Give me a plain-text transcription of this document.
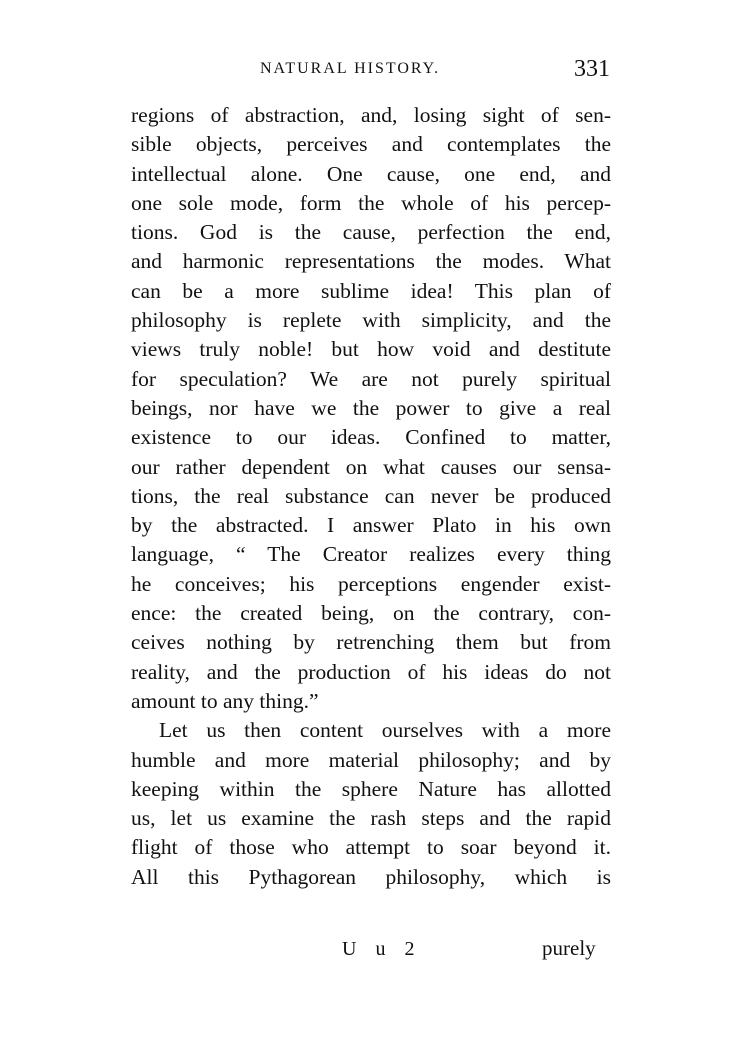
NATURAL HISTORY.	331
regions of abstraction, and, losing sight of sen-
sible objects, perceives and contemplates the
intellectual alone. One cause, one end, and
one sole mode, form the whole of his percep-
tions. God is the cause, perfection the end,
and harmonic representations the modes. What
can be a more sublime idea! This plan of
philosophy is replete with simplicity, and the
views truly noble! but how void and destitute
for speculation? We are not purely spiritual
beings, nor have we the power to give a real
existence to our ideas. Confined to matter,
our rather dependent on what causes our sensa-
tions, the real substance can never be produced
by the abstracted. I answer Plato in his own
language, “ The Creator realizes every thing
he conceives; his perceptions engender exist-
ence: the created being, on the contrary, con-
ceives nothing by retrenching them but from
reality, and the production of his ideas do not
amount to any thing.”
Let us then content ourselves with a more
humble and more material philosophy; and by
keeping within the sphere Nature has allotted
us, let us examine the rash steps and the rapid
flight of those who attempt to soar beyond it.
All this Pythagorean philosophy, which is
U u 2	purely
